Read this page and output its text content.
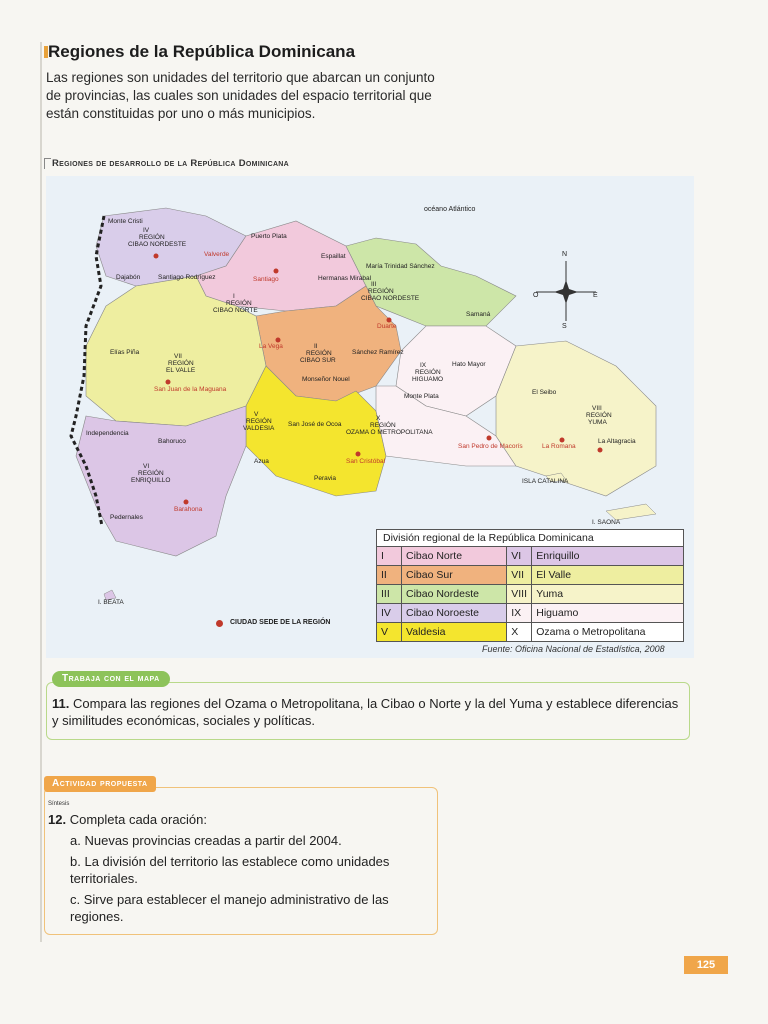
Regiones de la República Dominicana
Las regiones son unidades del territorio que abarcan un conjunto de provincias, las cuales son unidades del espacio territorial que están constituidas por uno o más municipios.
Regiones de desarrollo de la República Dominicana
N
S
E
O
océano Atlántico
IV
REGIÓN
CIBAO NORDESTE
I
REGIÓN
CIBAO NORTE
III
REGIÓN
CIBAO NORDESTE
II
REGIÓN
CIBAO SUR
VII
REGIÓN
EL VALLE
V
REGIÓN
VALDESIA
VI
REGIÓN
ENRIQUILLO
IX
REGIÓN
HIGUAMO
X
REGIÓN
OZAMA O METROPOLITANA
VIII
REGIÓN
YUMA
Monte Cristi
Dajabón	Santiago Rodríguez
Valverde
Puerto Plata
Santiago
Espaillat
María Trinidad Sánchez
Hermanas Mirabal
Duarte
Samaná
La Vega
Monseñor Nouel
Sánchez Ramírez
Elías Piña
San Juan de la Maguana
Independencia
Bahoruco
Barahona
Pedernales
San José de Ocoa
Azua	San Cristóbal
Peravia
Hato Mayor
Monte Plata
San Pedro de Macorís
El Seibo
La Romana
La Altagracia
I. BEATA
ISLA CATALINA
I. SAONA
CIUDAD SEDE DE LA REGIÓN
División regional de la República Dominicana
I	Cibao Norte	VI	Enriquillo
II	Cibao Sur	VII	El Valle
III	Cibao Nordeste	VIII	Yuma
IV	Cibao Noroeste	IX	Higuamo
V	Valdesia	X	Ozama o Metropolitana
Fuente: Oficina Nacional de Estadística, 2008
Trabaja con el mapa
11. Compara las regiones del Ozama o Metropolitana, la Cibao o Norte y la del Yuma y establece diferencias y similitudes económicas, sociales y políticas.
Actividad propuesta
Síntesis
12. Completa cada oración:
a. Nuevas provincias creadas a partir del 2004.
b. La división del territorio las establece como unidades territoriales.
c. Sirve para establecer el manejo administrativo de las regiones.
125
